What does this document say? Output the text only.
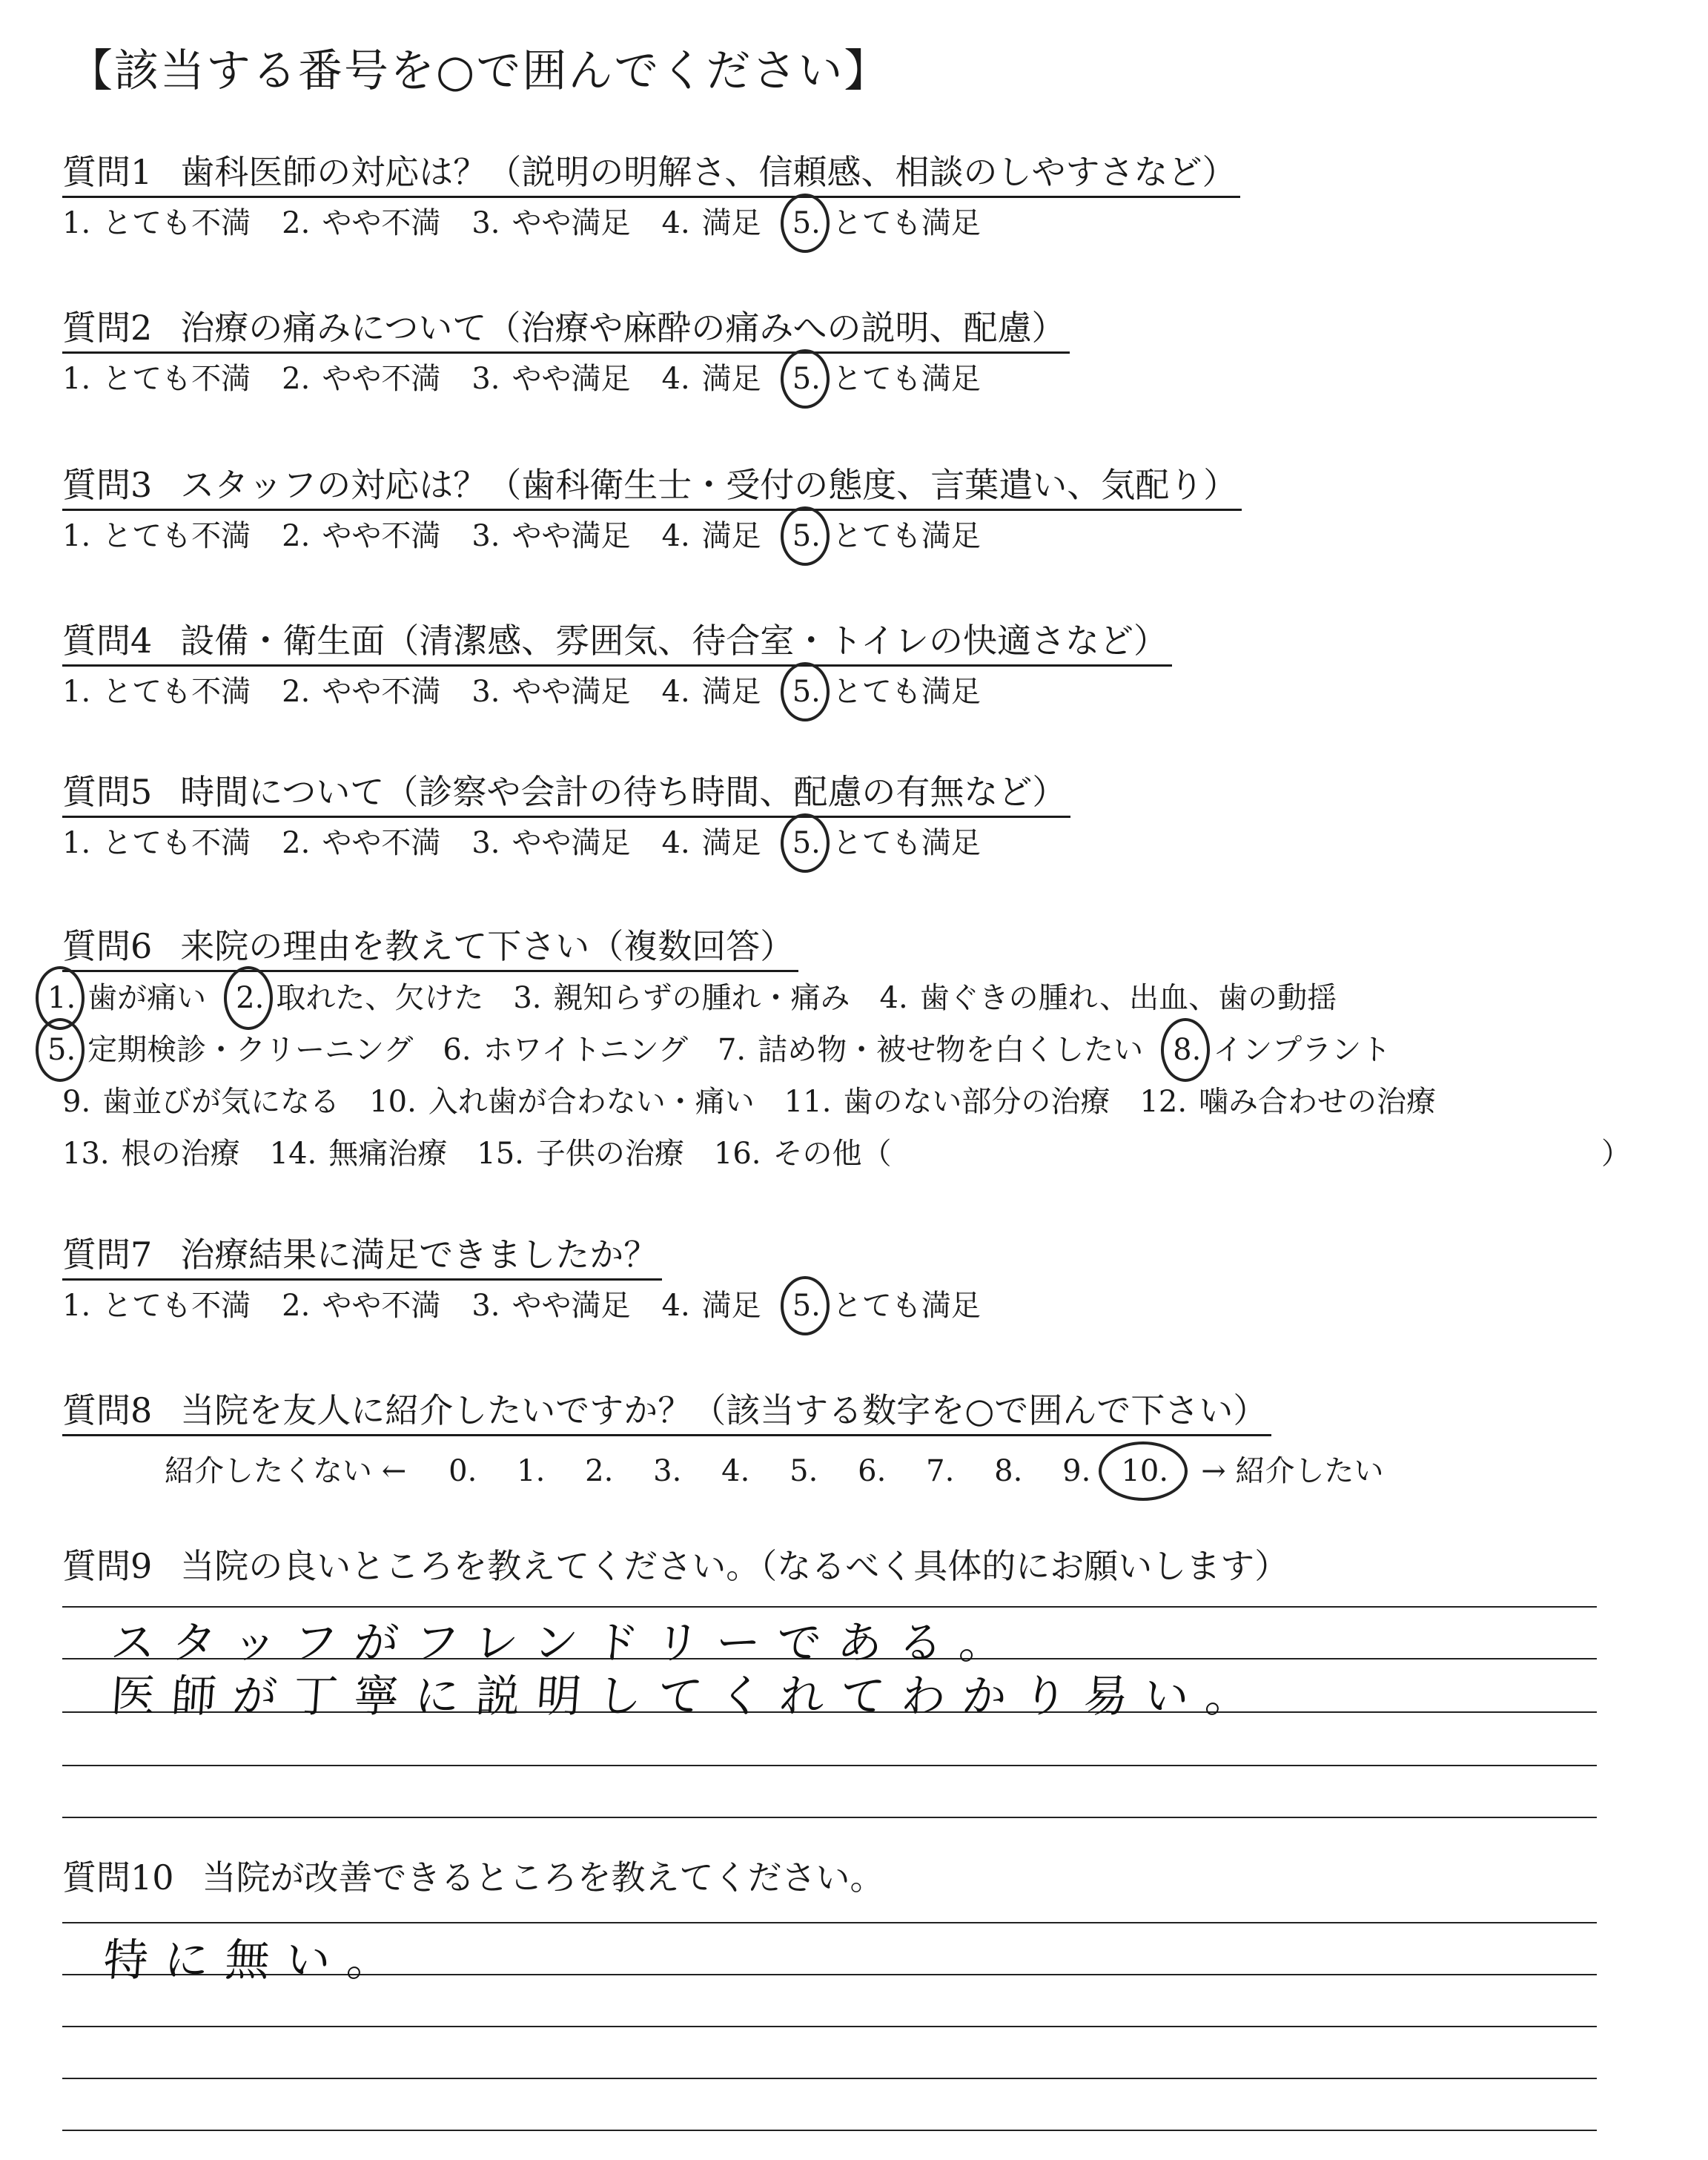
【該当する番号を○で囲んでください】
質問1 歯科医師の対応は？（説明の明解さ、信頼感、相談のしやすさなど）
1. とても不満 2. やや不満 3. やや満足 4. 満足 5. とても満足
質問2 治療の痛みについて（治療や麻酔の痛みへの説明、配慮）
1. とても不満 2. やや不満 3. やや満足 4. 満足 5. とても満足
質問3 スタッフの対応は？（歯科衛生士・受付の態度、言葉遣い、気配り）
1. とても不満 2. やや不満 3. やや満足 4. 満足 5. とても満足
質問4 設備・衛生面（清潔感、雰囲気、待合室・トイレの快適さなど）
1. とても不満 2. やや不満 3. やや満足 4. 満足 5. とても満足
質問5 時間について（診察や会計の待ち時間、配慮の有無など）
1. とても不満 2. やや不満 3. やや満足 4. 満足 5. とても満足
質問6 来院の理由を教えて下さい（複数回答）
1. 歯が痛い 2. 取れた、欠けた 3. 親知らずの腫れ・痛み 4. 歯ぐきの腫れ、出血、歯の動揺
5. 定期検診・クリーニング 6. ホワイトニング 7. 詰め物・被せ物を白くしたい 8. インプラント
9. 歯並びが気になる 10. 入れ歯が合わない・痛い 11. 歯のない部分の治療 12. 噛み合わせの治療
13. 根の治療 14. 無痛治療 15. 子供の治療 16. その他（	）
質問7 治療結果に満足できましたか？
1. とても不満 2. やや不満 3. やや満足 4. 満足 5. とても満足
質問8 当院を友人に紹介したいですか？（該当する数字を○で囲んで下さい）
紹介したくない ←	0.	1.	2.	3.	4.	5.	6.	7.	8.	9.	10.	→ 紹介したい
質問9 当院の良いところを教えてください。（なるべく具体的にお願いします）
スタッフがフレンドリーである。
医師が丁寧に説明してくれてわかり易い。
質問10 当院が改善できるところを教えてください。
特に無い。
